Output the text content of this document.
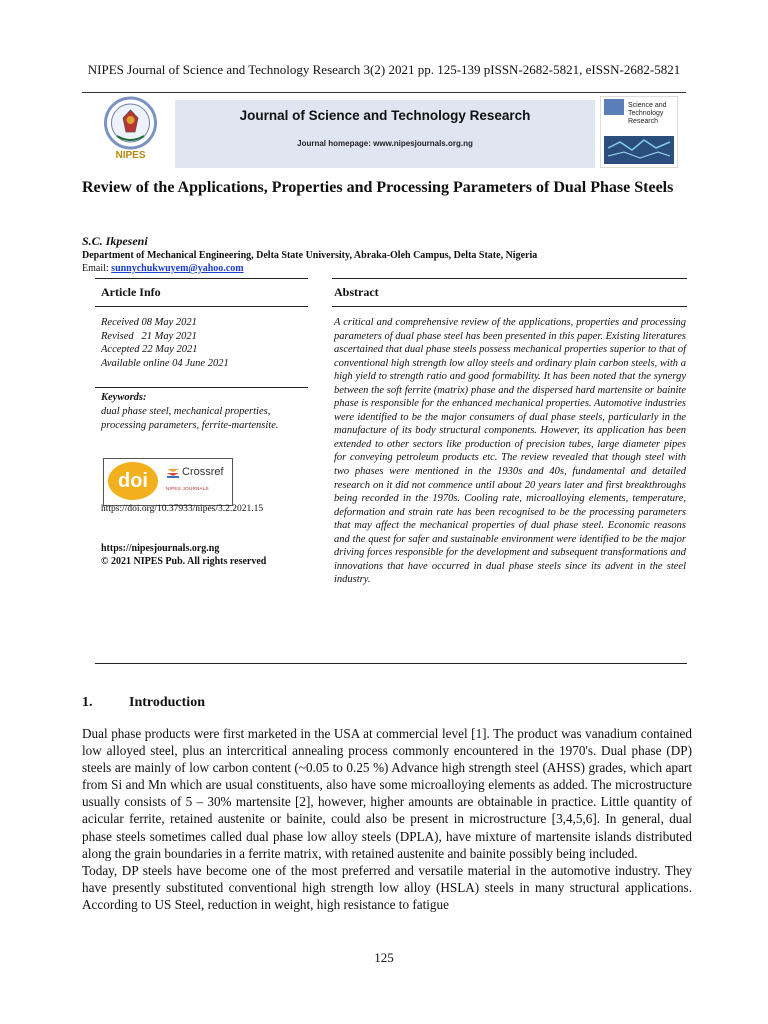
NIPES Journal of Science and Technology Research 3(2) 2021 pp. 125-139 pISSN-2682-5821, eISSN-2682-5821
NIPES
Journal of Science and Technology Research
Journal homepage: www.nipesjournals.org.ng
Science and
Technology
Research
Review of the Applications, Properties and Processing Parameters of Dual Phase Steels
S.C. Ikpeseni
Department of Mechanical Engineering, Delta State University, Abraka-Oleh Campus, Delta State, Nigeria
Email: sunnychukwuyem@yahoo.com
Article Info	Abstract
Received 08 May 2021
Revised   21 May 2021
Accepted 22 May 2021
Available online 04 June 2021
Keywords:
dual phase steel, mechanical properties, processing parameters, ferrite-martensite.
doi	Crossref
NIPES JOURNALS
https://doi.org/10.37933/nipes/3.2.2021.15
https://nipesjournals.org.ng
© 2021 NIPES Pub. All rights reserved
A critical and comprehensive review of the applications, properties and processing parameters of dual phase steel has been presented in this paper. Existing literatures ascertained that dual phase steels possess mechanical properties superior to that of conventional high strength low alloy steels and ordinary plain carbon steels, with a high yield to strength ratio and good formability. It has been noted that the synergy between the soft ferrite (matrix) phase and the dispersed hard martensite or bainite phase is responsible for the enhanced mechanical properties. Automotive industries were identified to be the major consumers of dual phase steels, particularly in the manufacture of its body structural components. However, its application has been extended to other sectors like production of precision tubes, large diameter pipes for conveying petroleum products etc. The review revealed that though steel with two phases were mentioned in the 1930s and 40s, fundamental and detailed research on it did not commence until about 20 years later and first breakthroughs being recorded in the 1970s. Cooling rate, microalloying elements, temperature, deformation and strain rate has been recognised to be the processing parameters that may affect the mechanical properties of dual phase steel. Economic reasons and the quest for safer and sustainable environment were identified to be the major driving forces responsible for the development and subsequent transformations and innovations that have occurred in dual phase steels since its advent in the steel industry.
1.	Introduction

Dual phase products were first marketed in the USA at commercial level [1]. The product was vanadium contained low alloyed steel, plus an intercritical annealing process commonly encountered in the 1970's. Dual phase (DP) steels are mainly of low carbon content (~0.05 to 0.25 %) Advance high strength steel (AHSS) grades, which apart from Si and Mn which are usual constituents, also have some microalloying elements as added. The microstructure usually consists of 5 – 30% martensite [2], however, higher amounts are obtainable in practice. Little quantity of acicular ferrite, retained austenite or bainite, could also be present in microstructure [3,4,5,6]. In general, dual phase steels sometimes called dual phase low alloy steels (DPLA), have mixture of martensite islands distributed along the grain boundaries in a ferrite matrix, with retained austenite and bainite possibly being included.

Today, DP steels have become one of the most preferred and versatile material in the automotive industry. They have presently substituted conventional high strength low alloy (HSLA) steels in many structural applications. According to US Steel, reduction in weight, high resistance to fatigue

125
